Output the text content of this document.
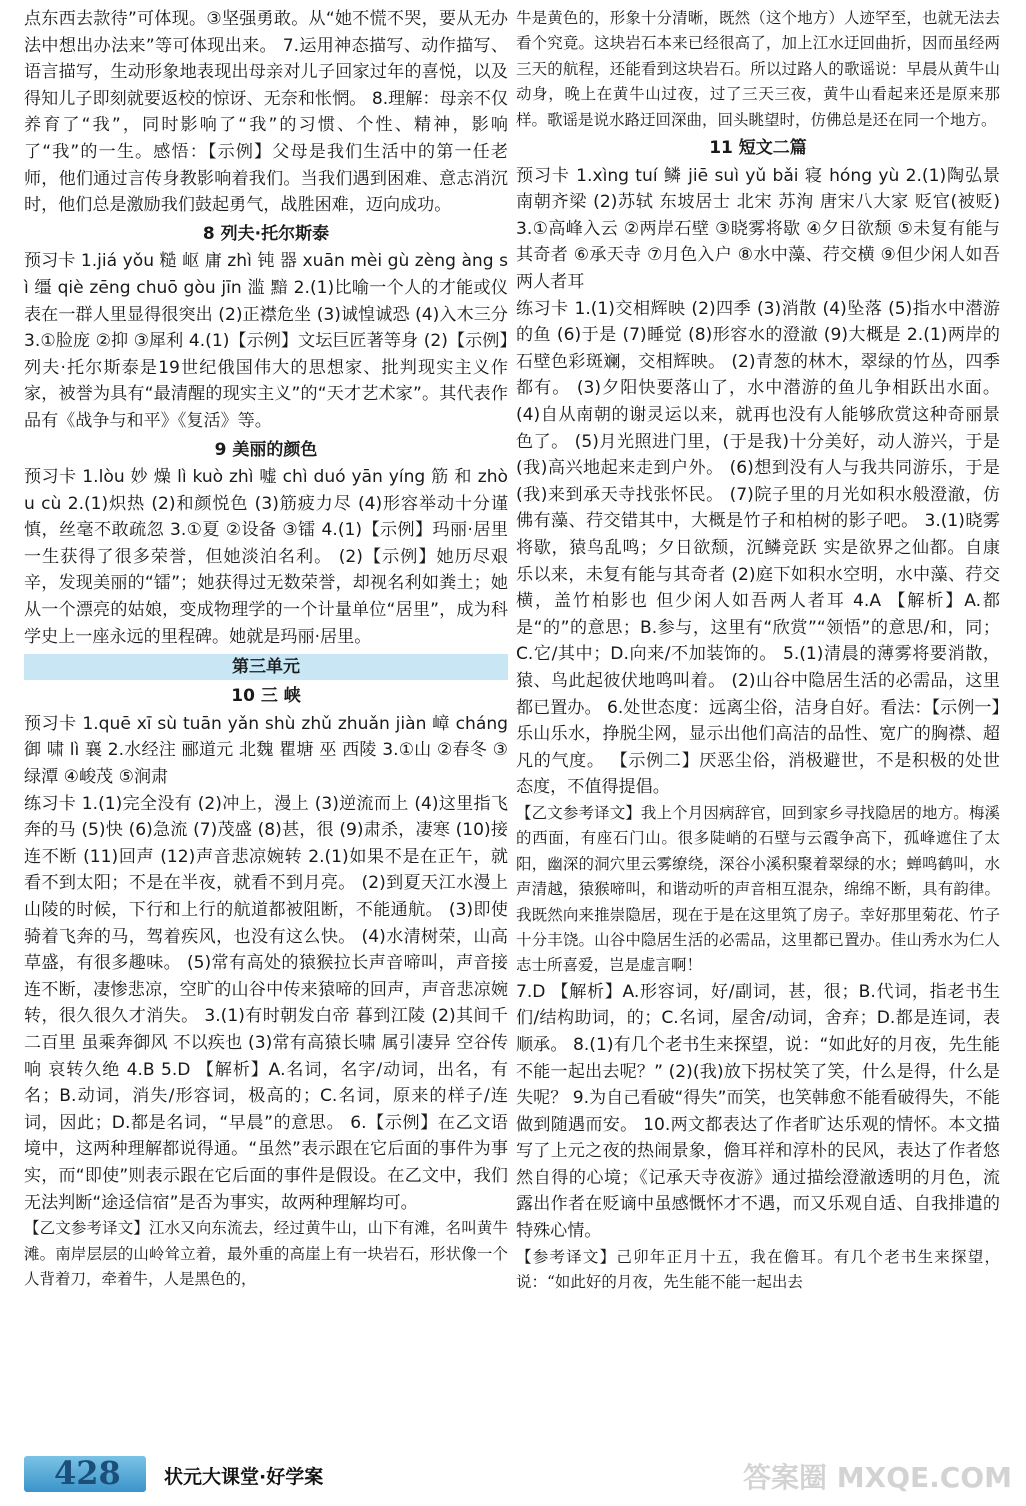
点东西去款待”可体现。③坚强勇敢。从“她不慌不哭，要从无办法中想出办法来”等可体现出来。 7.运用神态描写、动作描写、语言描写，生动形象地表现出母亲对儿子回家过年的喜悦，以及得知儿子即刻就要返校的惊讶、无奈和怅惘。 8.理解：母亲不仅养育了“我”，同时影响了“我”的习惯、个性、精神，影响了“我”的一生。感悟：【示例】父母是我们生活中的第一任老师，他们通过言传身教影响着我们。当我们遇到困难、意志消沉时，他们总是激励我们鼓起勇气，战胜困难，迈向成功。

8 列夫·托尔斯泰

预习卡 1.jiá yǒu 糙 岖 庸 zhì 钝 器 xuān mèi gù zèng àng sì 缰 qiè zēng chuō gòu jīn 滥 黯 2.(1)比喻一个人的才能或仪表在一群人里显得很突出 (2)正襟危坐 (3)诚惶诚恐 (4)入木三分 3.①脸庞 ②抑 ③犀利 4.(1)【示例】文坛巨匠著等身 (2)【示例】列夫·托尔斯泰是19世纪俄国伟大的思想家、批判现实主义作家，被誉为具有“最清醒的现实主义”的“天才艺术家”。其代表作品有《战争与和平》《复活》等。

9 美丽的颜色

预习卡 1.lòu 妙 燥 lì kuò zhì 嘘 chì duó yān yíng 筋 和 zhòu cù 2.(1)炽热 (2)和颜悦色 (3)筋疲力尽 (4)形容举动十分谨慎，丝毫不敢疏忽 3.①夏 ②设备 ③镭 4.(1)【示例】玛丽·居里一生获得了很多荣誉，但她淡泊名利。 (2)【示例】她历尽艰辛，发现美丽的“镭”；她获得过无数荣誉，却视名利如粪土；她从一个漂亮的姑娘，变成物理学的一个计量单位“居里”，成为科学史上一座永远的里程碑。她就是玛丽·居里。

第三单元
10 三 峡

预习卡 1.quē xī sù tuān yǎn shù zhǔ zhuǎn jiàn 嶂 cháng 御 啸 lì 襄 2.水经注 郦道元 北魏 瞿塘 巫 西陵 3.①山 ②春冬 ③绿潭 ④峻茂 ⑤涧肃

练习卡 1.(1)完全没有 (2)冲上，漫上 (3)逆流而上 (4)这里指飞奔的马 (5)快 (6)急流 (7)茂盛 (8)甚，很 (9)肃杀，凄寒 (10)接连不断 (11)回声 (12)声音悲凉婉转 2.(1)如果不是在正午，就看不到太阳；不是在半夜，就看不到月亮。 (2)到夏天江水漫上山陵的时候，下行和上行的航道都被阻断，不能通航。 (3)即使骑着飞奔的马，驾着疾风，也没有这么快。 (4)水清树荣，山高草盛，有很多趣味。 (5)常有高处的猿猴拉长声音啼叫，声音接连不断，凄惨悲凉，空旷的山谷中传来猿啼的回声，声音悲凉婉转，很久很久才消失。 3.(1)有时朝发白帝 暮到江陵 (2)其间千二百里 虽乘奔御风 不以疾也 (3)常有高猿长啸 属引凄异 空谷传响 哀转久绝 4.B 5.D 【解析】A.名词，名字/动词，出名，有名；B.动词，消失/形容词，极高的；C.名词，原来的样子/连词，因此；D.都是名词，“早晨”的意思。 6.【示例】在乙文语境中，这两种理解都说得通。“虽然”表示跟在它后面的事件为事实，而“即使”则表示跟在它后面的事件是假设。在乙文中，我们无法判断“途迳信宿”是否为事实，故两种理解均可。

【乙文参考译文】江水又向东流去，经过黄牛山，山下有滩，名叫黄牛滩。南岸层层的山岭耸立着，最外重的高崖上有一块岩石，形状像一个人背着刀，牵着牛，人是黑色的，

牛是黄色的，形象十分清晰，既然（这个地方）人迹罕至，也就无法去看个究竟。这块岩石本来已经很高了，加上江水迂回曲折，因而虽经两三天的航程，还能看到这块岩石。所以过路人的歌谣说：早晨从黄牛山动身，晚上在黄牛山过夜，过了三天三夜，黄牛山看起来还是原来那样。歌谣是说水路迂回深曲，回头眺望时，仿佛总是还在同一个地方。

11 短文二篇

预习卡 1.xìng tuí 鳞 jiē suì yǔ bǎi 寝 hóng yù 2.(1)陶弘景 南朝齐梁 (2)苏轼 东坡居士 北宋 苏洵 唐宋八大家 贬官(被贬) 3.①高峰入云 ②两岸石壁 ③晓雾将歇 ④夕日欲颓 ⑤未复有能与其奇者 ⑥承天寺 ⑦月色入户 ⑧水中藻、荇交横 ⑨但少闲人如吾两人者耳

练习卡 1.(1)交相辉映 (2)四季 (3)消散 (4)坠落 (5)指水中潜游的鱼 (6)于是 (7)睡觉 (8)形容水的澄澈 (9)大概是 2.(1)两岸的石壁色彩斑斓，交相辉映。 (2)青葱的林木，翠绿的竹丛，四季都有。 (3)夕阳快要落山了，水中潜游的鱼儿争相跃出水面。 (4)自从南朝的谢灵运以来，就再也没有人能够欣赏这种奇丽景色了。 (5)月光照进门里，(于是我)十分美好，动人游兴，于是(我)高兴地起来走到户外。 (6)想到没有人与我共同游乐，于是(我)来到承天寺找张怀民。 (7)院子里的月光如积水般澄澈，仿佛有藻、荇交错其中，大概是竹子和柏树的影子吧。 3.(1)晓雾将歇，猿鸟乱鸣；夕日欲颓，沉鳞竞跃 实是欲界之仙都。自康乐以来，未复有能与其奇者 (2)庭下如积水空明，水中藻、荇交横，盖竹柏影也 但少闲人如吾两人者耳 4.A 【解析】A.都是“的”的意思；B.参与，这里有“欣赏”“领悟”的意思/和，同；C.它/其中；D.向来/不加装饰的。 5.(1)清晨的薄雾将要消散，猿、鸟此起彼伏地鸣叫着。 (2)山谷中隐居生活的必需品，这里都已置办。 6.处世态度：远离尘俗，洁身自好。看法：【示例一】乐山乐水，挣脱尘网，显示出他们高洁的品性、宽广的胸襟、超凡的气度。 【示例二】厌恶尘俗，消极避世，不是积极的处世态度，不值得提倡。

【乙文参考译文】我上个月因病辞官，回到家乡寻找隐居的地方。梅溪的西面，有座石门山。很多陡峭的石壁与云霞争高下，孤峰遮住了太阳，幽深的洞穴里云雾缭绕，深谷小溪积聚着翠绿的水；蝉鸣鹤叫，水声清越，猿猴啼叫，和谐动听的声音相互混杂，绵绵不断，具有韵律。我既然向来推崇隐居，现在于是在这里筑了房子。幸好那里菊花、竹子十分丰饶。山谷中隐居生活的必需品，这里都已置办。佳山秀水为仁人志士所喜爱，岂是虚言啊！

7.D 【解析】A.形容词，好/副词，甚，很；B.代词，指老书生们/结构助词，的；C.名词，屋舍/动词，舍弃；D.都是连词，表顺承。 8.(1)有几个老书生来探望，说：“如此好的月夜，先生能不能一起出去呢？” (2)(我)放下拐杖笑了笑，什么是得，什么是失呢？ 9.为自己看破“得失”而笑，也笑韩愈不能看破得失，不能做到随遇而安。 10.两文都表达了作者旷达乐观的情怀。本文描写了上元之夜的热闹景象，儋耳祥和淳朴的民风，表达了作者悠然自得的心境；《记承天寺夜游》通过描绘澄澈透明的月色，流露出作者在贬谪中虽感慨怀才不遇，而又乐观自适、自我排遣的特殊心情。

【参考译文】己卯年正月十五，我在儋耳。有几个老书生来探望，说：“如此好的月夜，先生能不能一起出去

428 状元大课堂·好学案	答案圈 MXQE.COM
